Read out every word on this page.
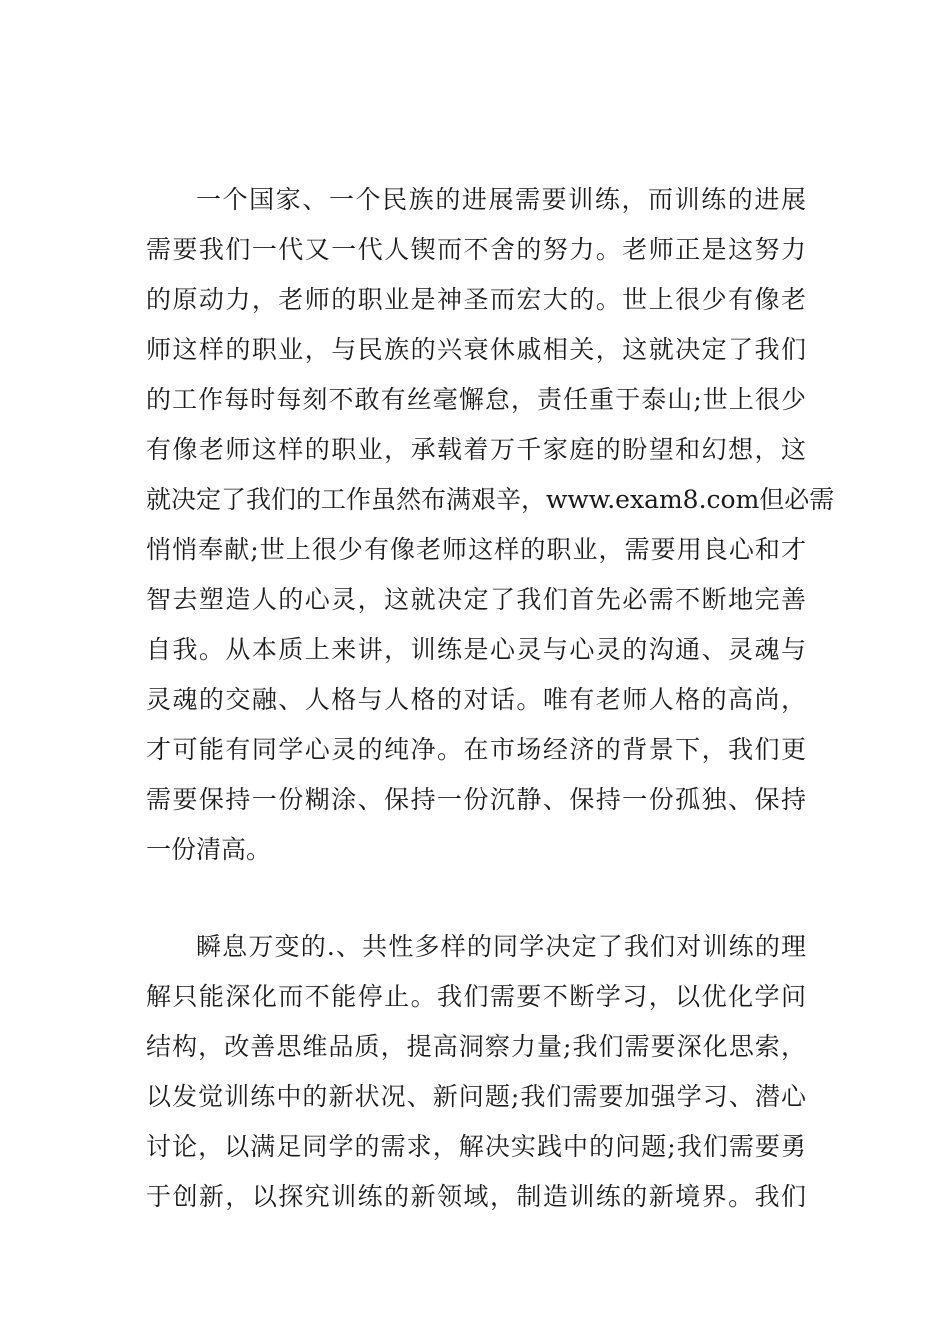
一个国家、一个民族的进展需要训练，而训练的进展
需要我们一代又一代人锲而不舍的努力。老师正是这努力
的原动力，老师的职业是神圣而宏大的。世上很少有像老
师这样的职业，与民族的兴衰休戚相关，这就决定了我们
的工作每时每刻不敢有丝毫懈怠，责任重于泰山;世上很少
有像老师这样的职业，承载着万千家庭的盼望和幻想，这
就决定了我们的工作虽然布满艰辛，www.exam8.com但必需
悄悄奉献;世上很少有像老师这样的职业，需要用良心和才
智去塑造人的心灵，这就决定了我们首先必需不断地完善
自我。从本质上来讲，训练是心灵与心灵的沟通、灵魂与
灵魂的交融、人格与人格的对话。唯有老师人格的高尚，
才可能有同学心灵的纯净。在市场经济的背景下，我们更
需要保持一份糊涂、保持一份沉静、保持一份孤独、保持
一份清高。
瞬息万变的.、共性多样的同学决定了我们对训练的理
解只能深化而不能停止。我们需要不断学习，以优化学问
结构，改善思维品质，提高洞察力量;我们需要深化思索，
以发觉训练中的新状况、新问题;我们需要加强学习、潜心
讨论，以满足同学的需求，解决实践中的问题;我们需要勇
于创新，以探究训练的新领域，制造训练的新境界。我们
